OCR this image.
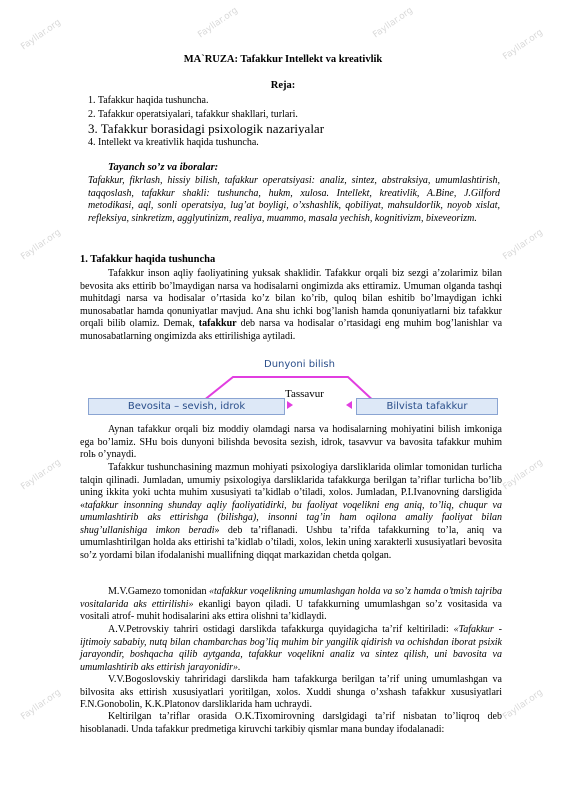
Fayllar.org	Fayllar.org	Fayllar.org
Fayllar.org
Fayllar.org	Fayllar.org
Fayllar.org	Fayllar.org
Fayllar.org	Fayllar.org
MA`RUZA: Tafakkur Intellekt va kreativlik
Reja:
1. Tafakkur haqida tushuncha.
2. Tafakkur operatsiyalari, tafakkur shakllari, turlari.
3. Tafakkur borasidagi psixologik nazariyalar
4. Intellekt va kreativlik haqida tushuncha.
Tayanch so’z va iboralar:
Tafakkur, fikrlash, hissiy bilish, tafakkur operatsiyasi: analiz, sintez, abstraksiya, umumlashtirish, taqqoslash, tafakkur shakli: tushuncha, hukm, xulosa. Intellekt, kreativlik, A.Bine, J.Gilford metodikasi, aql, sonli operatsiya, lug’at boyligi, o’xshashlik, qobiliyat, mahsuldorlik, noyob xislat, refleksiya, sinkretizm, agglyutinizm, realiya, muammo, masala yechish, kognitivizm, bixeveorizm.
1. Tafakkur haqida tushuncha

Tafakkur inson aqliy faoliyatining yuksak shaklidir. Tafakkur orqali biz sezgi a’zolarimiz bilan bevosita aks ettirib bo’lmaydigan narsa va hodisalarni ongimizda aks ettiramiz. Umuman olganda tashqi muhitdagi narsa va hodisalar o’rtasida ko’z bilan ko’rib, quloq bilan eshitib bo’lmaydigan ichki munosabatlar hamda qonuniyatlar mavjud. Ana shu ichki bog’lanish hamda qonuniyatlarni biz tafakkur orqali bilib olamiz. Demak, tafakkur deb narsa va hodisalar o’rtasidagi eng muhim bog’lanishlar va munosabatlarning ongimizda aks ettirilishiga aytiladi.

Dunyoni bilish
Tassavur
Bevosita – sevish, idrok	Bilvista tafakkur

Aynan tafakkur orqali biz moddiy olamdagi narsa va hodisalarning mohiyatini bilish imkoniga ega bo’lamiz. SHu bois dunyoni bilishda bevosita sezish, idrok, tasavvur va bavosita tafakkur muhim rolь o’ynaydi.

Tafakkur tushunchasining mazmun mohiyati psixologiya darsliklarida olimlar tomonidan turlicha talqin qilinadi. Jumladan, umumiy psixologiya darsliklarida tafakkurga berilgan ta’riflar turlicha bo’lib uning ikkita yoki uchta muhim xususiyati ta’kidlab o’tiladi, xolos. Jumladan, P.I.Ivanovning darsligida «tafakkur insonning shunday aqliy faoliyatidirki, bu faoliyat voqelikni eng aniq, to’liq, chuqur va umumlashtirib aks ettirishga (bilishga), insonni tag’in ham oqilona amaliy faoliyat bilan shug’ullanishiga imkon beradi» deb ta’riflanadi. Ushbu ta’rifda tafakkurning to’la, aniq va umumlashtirilgan holda aks ettirishi ta’kidlab o’tiladi, xolos, lekin uning xarakterli xususiyatlari bevosita so’z yordami bilan ifodalanishi muallifning diqqat markazidan chetda qolgan.

M.V.Gamezo tomonidan «tafakkur voqelikning umumlashgan holda va so’z hamda o’tmish tajriba vositalarida aks ettirilishi» ekanligi bayon qiladi. U tafakkurning umumlashgan so’z vositasida va vositali atrof- muhit hodisalarini aks ettira olishni ta’kidlaydi.

A.V.Petrovskiy tahriri ostidagi darslikda tafakkurga quyidagicha ta’rif keltiriladi: «Tafakkur - ijtimoiy sababiy, nutq bilan chambarchas bog’liq muhim bir yangilik qidirish va ochishdan iborat psixik jarayondir, boshqacha qilib aytganda, tafakkur voqelikni analiz va sintez qilish, uni bavosita va umumlashtirib aks ettirish jarayonidir».

V.V.Bogoslovskiy tahriridagi darslikda ham tafakkurga berilgan ta’rif uning umumlashgan va bilvosita aks ettirish xususiyatlari yoritilgan, xolos. Xuddi shunga o’xshash tafakkur xususiyatlari F.N.Gonobolin, K.K.Platonov darsliklarida ham uchraydi.

Keltirilgan ta’riflar orasida O.K.Tixomirovning darslgidagi ta’rif nisbatan to’liqroq deb hisoblanadi. Unda tafakkur predmetiga kiruvchi tarkibiy qismlar mana bunday ifodalanadi:
